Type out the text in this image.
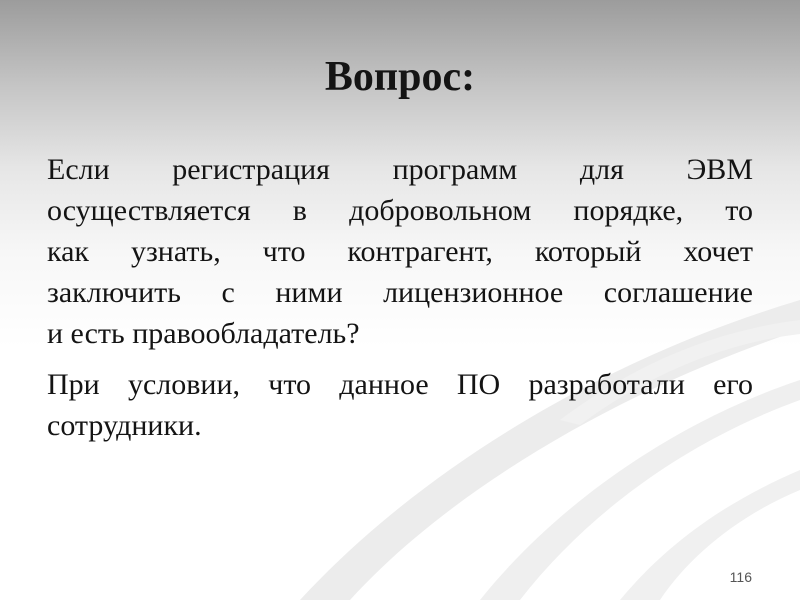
Вопрос:

Если регистрация программ для ЭВМ
осуществляется в добровольном порядке, то
как узнать, что контрагент, который хочет
заключить с ними лицензионное соглашение
и есть правообладатель?

При условии, что данное ПО разработали его
сотрудники.

116
